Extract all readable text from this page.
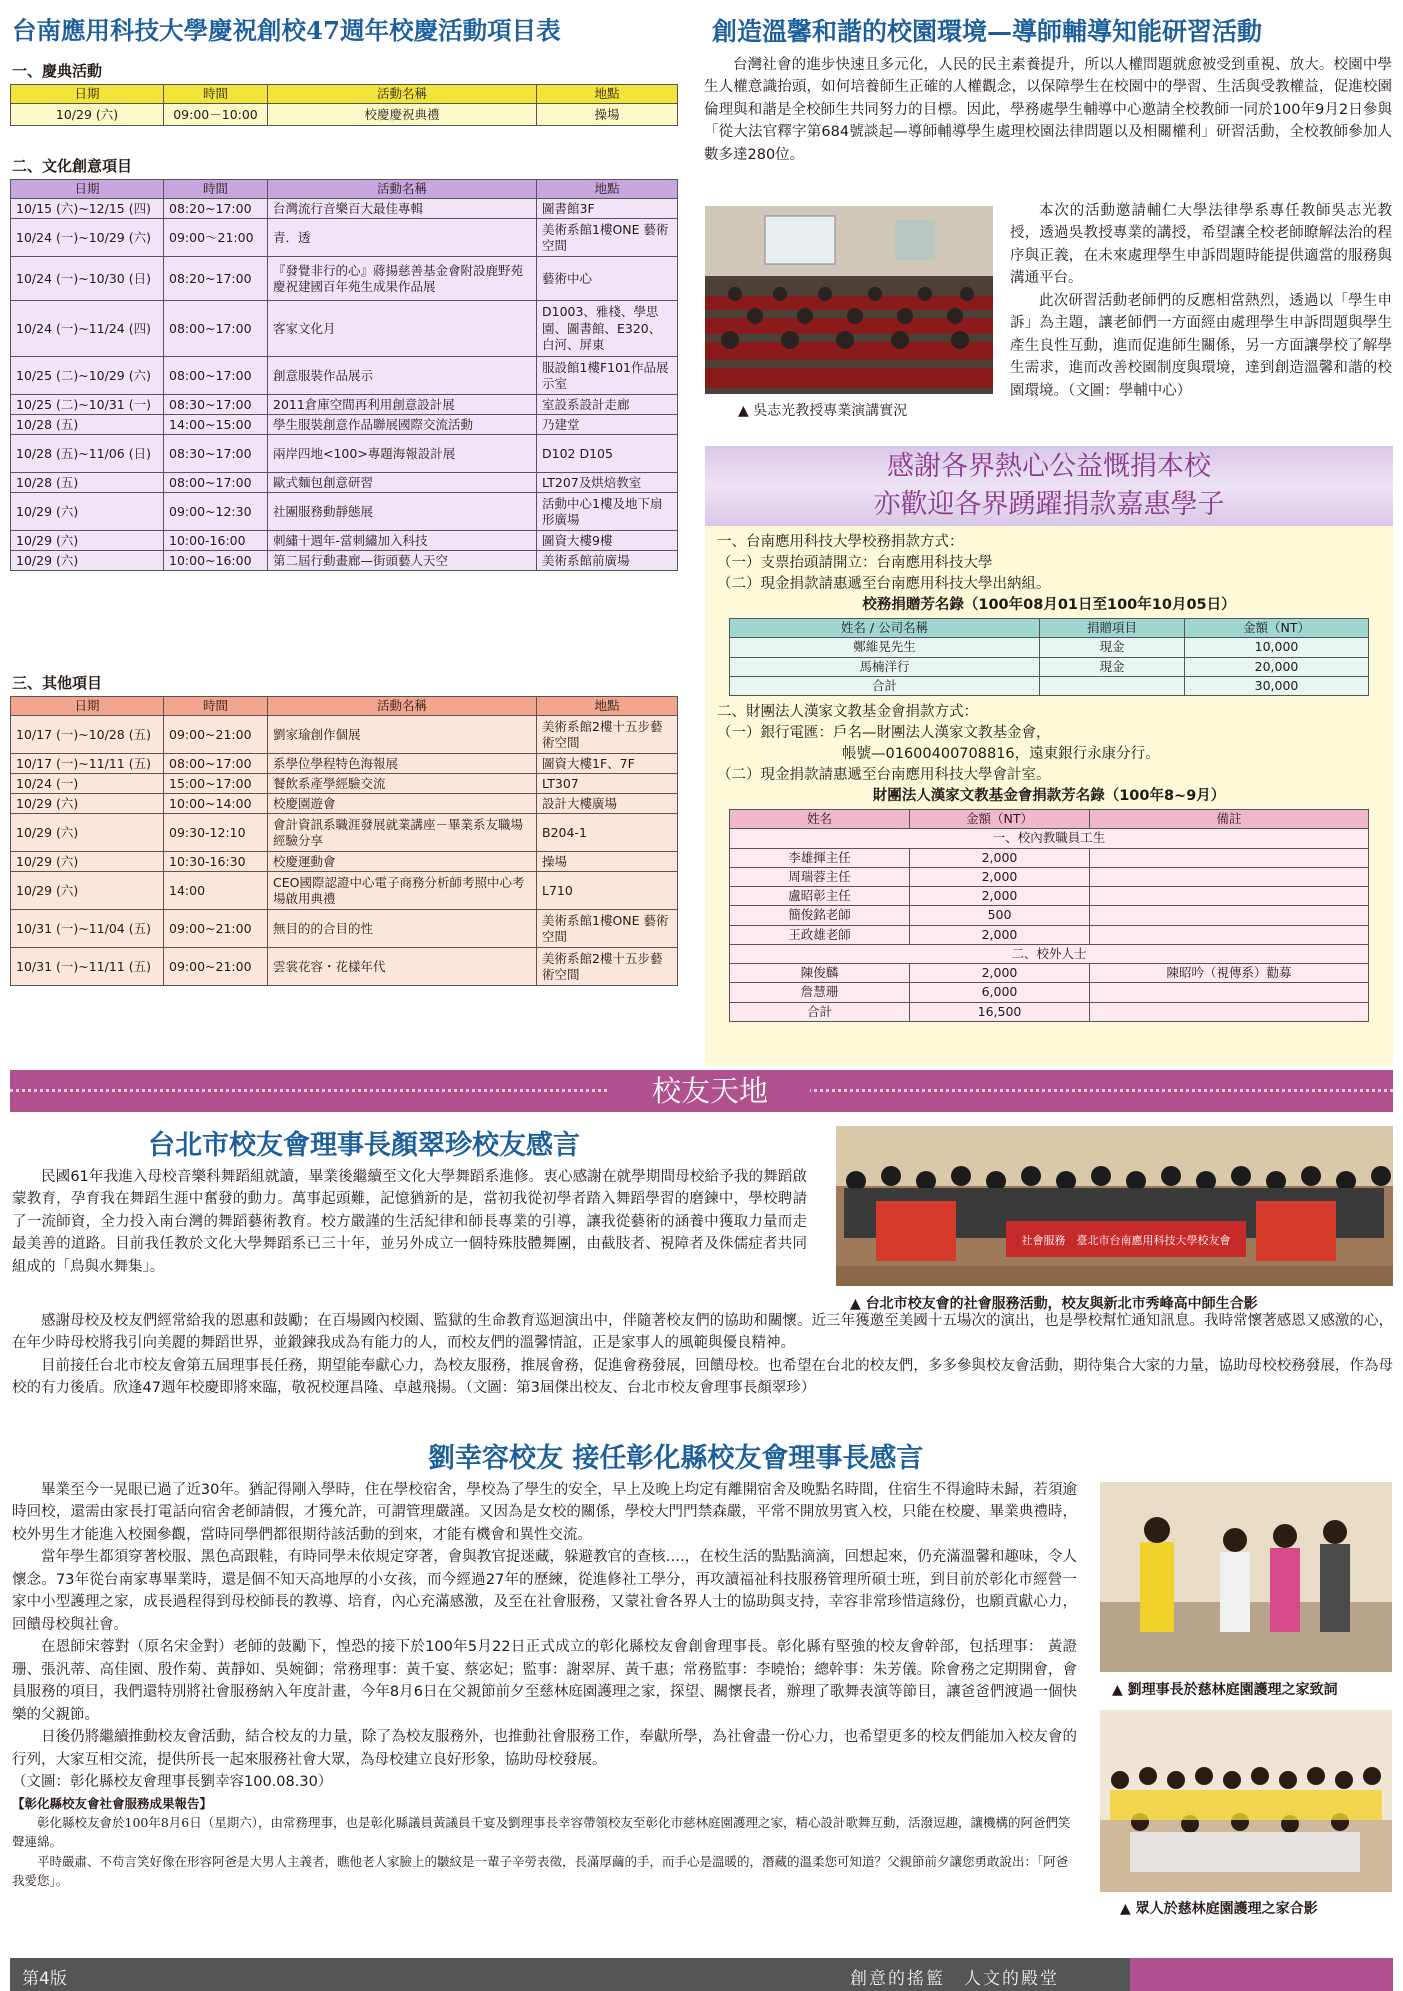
台南應用科技大學慶祝創校47週年校慶活動項目表
一、慶典活動
日期	時間	活動名稱	地點
10/29 (六)	09:00－10:00	校慶慶祝典禮	操場
二、文化創意項目
日期	時間	活動名稱	地點
10/15 (六)~12/15 (四)	08:20~17:00	台灣流行音樂百大最佳專輯	圖書館3F
10/24 (一)~10/29 (六)	09:00～21:00	青．透	美術系館1樓ONE 藝術空間
10/24 (一)~10/30 (日)	08:20~17:00	『發覺非行的心』蔣揚慈善基金會附設鹿野苑慶祝建國百年苑生成果作品展	藝術中心
10/24 (一)~11/24 (四)	08:00~17:00	客家文化月	D1003、雅棧、學思園、圖書館、E320、白河、屏東
10/25 (二)~10/29 (六)	08:00~17:00	創意服裝作品展示	服設館1樓F101作品展示室
10/25 (二)~10/31 (一)	08:30~17:00	2011倉庫空間再利用創意設計展	室設系設計走廊
10/28 (五)	14:00~15:00	學生服裝創意作品聯展國際交流活動	乃建堂
10/28 (五)~11/06 (日)	08:30~17:00	兩岸四地<100>專題海報設計展	D102 D105
10/28 (五)	08:00~17:00	歐式麵包創意研習	LT207及烘焙教室
10/29 (六)	09:00~12:30	社團服務動靜態展	活動中心1樓及地下扇形廣場
10/29 (六)	10:00-16:00	刺繡十週年-當刺繡加入科技	圖資大樓9樓
10/29 (六)	10:00~16:00	第二屆行動畫廊—街頭藝人天空	美術系館前廣場
三、其他項目
日期	時間	活動名稱	地點
10/17 (一)~10/28 (五)	09:00~21:00	劉家瑜創作個展	美術系館2樓十五步藝術空間
10/17 (一)~11/11 (五)	08:00~17:00	系學位學程特色海報展	圖資大樓1F、7F
10/24 (一)	15:00~17:00	餐飲系產學經驗交流	LT307
10/29 (六)	10:00~14:00	校慶園遊會	設計大樓廣場
10/29 (六)	09:30-12:10	會計資訊系職涯發展就業講座－畢業系友職場經驗分享	B204-1
10/29 (六)	10:30-16:30	校慶運動會	操場
10/29 (六)	14:00	CEO國際認證中心電子商務分析師考照中心考場啟用典禮	L710
10/31 (一)~11/04 (五)	09:00~21:00	無目的的合目的性	美術系館1樓ONE 藝術空間
10/31 (一)~11/11 (五)	09:00~21:00	雲裳花容・花樣年代	美術系館2樓十五步藝術空間
創造溫馨和諧的校園環境—導師輔導知能研習活動

台灣社會的進步快速且多元化，人民的民主素養提升，所以人權問題就愈被受到重視、放大。校園中學生人權意識抬頭，如何培養師生正確的人權觀念，以保障學生在校園中的學習、生活與受教權益，促進校園倫理與和諧是全校師生共同努力的目標。因此，學務處學生輔導中心邀請全校教師一同於100年9月2日參與「從大法官釋字第684號談起—導師輔導學生處理校園法律問題以及相關權利」研習活動，全校教師參加人數多達280位。

▲ 吳志光教授專業演講實況

本次的活動邀請輔仁大學法律學系專任教師吳志光教授，透過吳教授專業的講授，希望讓全校老師瞭解法治的程序與正義，在未來處理學生申訴問題時能提供適當的服務與溝通平台。

此次研習活動老師們的反應相當熱烈，透過以「學生申訴」為主題，讓老師們一方面經由處理學生申訴問題與學生產生良性互動，進而促進師生關係，另一方面讓學校了解學生需求，進而改善校園制度與環境，達到創造溫馨和諧的校園環境。（文圖：學輔中心）

感謝各界熱心公益慨捐本校
亦歡迎各界踴躍捐款嘉惠學子
一、台南應用科技大學校務捐款方式：
（一）支票抬頭請開立：台南應用科技大學
（二）現金捐款請惠遞至台南應用科技大學出納組。
校務捐贈芳名錄（100年08月01日至100年10月05日）
姓名 / 公司名稱	捐贈項目	金額（NT）
鄭維晃先生	現金	10,000
馬楠洋行	現金	20,000
合計		30,000
二、財團法人漢家文教基金會捐款方式：
（一）銀行電匯：戶名—財團法人漢家文教基金會，
帳號—01600400708816，遠東銀行永康分行。
（二）現金捐款請惠遞至台南應用科技大學會計室。
財團法人漢家文教基金會捐款芳名錄（100年8~9月）
姓名	金額（NT）	備註
一、校內教職員工生		
李雄揮主任	2,000	
周瑞蓉主任	2,000	
盧昭彰主任	2,000	
簡俊銘老師	500	
王政雄老師	2,000	
二、校外人士		
陳俊麟	2,000	陳昭吟（視傳系）勸募
詹慧珊	6,000	
合計	16,500	
校友天地
台北市校友會理事長顏翠珍校友感言

民國61年我進入母校音樂科舞蹈組就讀，畢業後繼續至文化大學舞蹈系進修。衷心感謝在就學期間母校給予我的舞蹈啟蒙教育，孕育我在舞蹈生涯中奮發的動力。萬事起頭難，記憶猶新的是，當初我從初學者踏入舞蹈學習的磨鍊中，學校聘請了一流師資，全力投入南台灣的舞蹈藝術教育。校方嚴謹的生活紀律和師長專業的引導，讓我從藝術的涵養中獲取力量而走最美善的道路。目前我任教於文化大學舞蹈系已三十年，並另外成立一個特殊肢體舞團，由截肢者、視障者及侏儒症者共同組成的「鳥與水舞集」。

社會服務　臺北市台南應用科技大學校友會
▲ 台北市校友會的社會服務活動，校友與新北市秀峰高中師生合影

感謝母校及校友們經常給我的恩惠和鼓勵；在百場國內校園、監獄的生命教育巡迴演出中，伴隨著校友們的協助和關懷。近三年獲邀至美國十五場次的演出，也是學校幫忙通知訊息。我時常懷著感恩又感激的心，在年少時母校將我引向美麗的舞蹈世界，並鍛鍊我成為有能力的人，而校友們的溫馨情誼，正是家事人的風範與優良精神。

目前接任台北市校友會第五屆理事長任務，期望能奉獻心力，為校友服務，推展會務，促進會務發展，回饋母校。也希望在台北的校友們，多多參與校友會活動，期待集合大家的力量，協助母校校務發展，作為母校的有力後盾。欣逢47週年校慶即將來臨，敬祝校運昌隆、卓越飛揚。（文圖：第3屆傑出校友、台北市校友會理事長顏翠珍）

劉幸容校友 接任彰化縣校友會理事長感言

畢業至今一晃眼已過了近30年。猶記得剛入學時，住在學校宿舍，學校為了學生的安全，早上及晚上均定有離開宿舍及晚點名時間，住宿生不得逾時未歸，若須逾時回校，還需由家長打電話向宿舍老師請假，才獲允許，可謂管理嚴謹。又因為是女校的關係，學校大門門禁森嚴，平常不開放男賓入校，只能在校慶、畢業典禮時，校外男生才能進入校園參觀，當時同學們都很期待該活動的到來，才能有機會和異性交流。

當年學生都須穿著校服、黑色高跟鞋，有時同學未依規定穿著，會與教官捉迷藏，躲避教官的查核….，在校生活的點點滴滴，回想起來，仍充滿溫馨和趣味，令人懷念。73年從台南家專畢業時，還是個不知天高地厚的小女孩，而今經過27年的歷練，從進修社工學分，再攻讀福祉科技服務管理所碩士班，到目前於彰化市經營一家中小型護理之家，成長過程得到母校師長的教導、培育，內心充滿感激，及至在社會服務，又蒙社會各界人士的協助與支持，幸容非常珍惜這緣份，也願貢獻心力，回饋母校與社會。

在恩師宋蓉對（原名宋金對）老師的鼓勵下，惶恐的接下於100年5月22日正式成立的彰化縣校友會創會理事長。彰化縣有堅強的校友會幹部，包括理事： 黃證珊、張汎蒂、高佳園、殷作菊、黃靜如、吳婉御；常務理事：黃千宴、蔡宓妃；監事：謝翠屏、黃千惠；常務監事：李曉怡；總幹事：朱芳儀。除會務之定期開會，會員服務的項目，我們還特別將社會服務納入年度計畫，今年8月6日在父親節前夕至慈林庭園護理之家，探望、關懷長者，辦理了歌舞表演等節目，讓爸爸們渡過一個快樂的父親節。

日後仍將繼續推動校友會活動，結合校友的力量，除了為校友服務外，也推動社會服務工作，奉獻所學，為社會盡一份心力，也希望更多的校友們能加入校友會的行列，大家互相交流，提供所長一起來服務社會大眾，為母校建立良好形象，協助母校發展。

（文圖：彰化縣校友會理事長劉幸容100.08.30）

【彰化縣校友會社會服務成果報告】

彰化縣校友會於100年8月6日（星期六），由常務理事，也是彰化縣議員黃議員千宴及劉理事長幸容帶領校友至彰化市慈林庭園護理之家，精心設計歌舞互動，活潑逗趣，讓機構的阿爸們笑聲連綿。

平時嚴肅、不苟言笑好像在形容阿爸是大男人主義者，瞧他老人家臉上的皺紋是一輩子辛勞表徵，長滿厚繭的手，而手心是溫暖的，潛藏的溫柔您可知道？父親節前夕讓您勇敢說出：「阿爸我愛您」。

▲ 劉理事長於慈林庭園護理之家致詞
▲ 眾人於慈林庭園護理之家合影
第4版	創意的搖籃　人文的殿堂
